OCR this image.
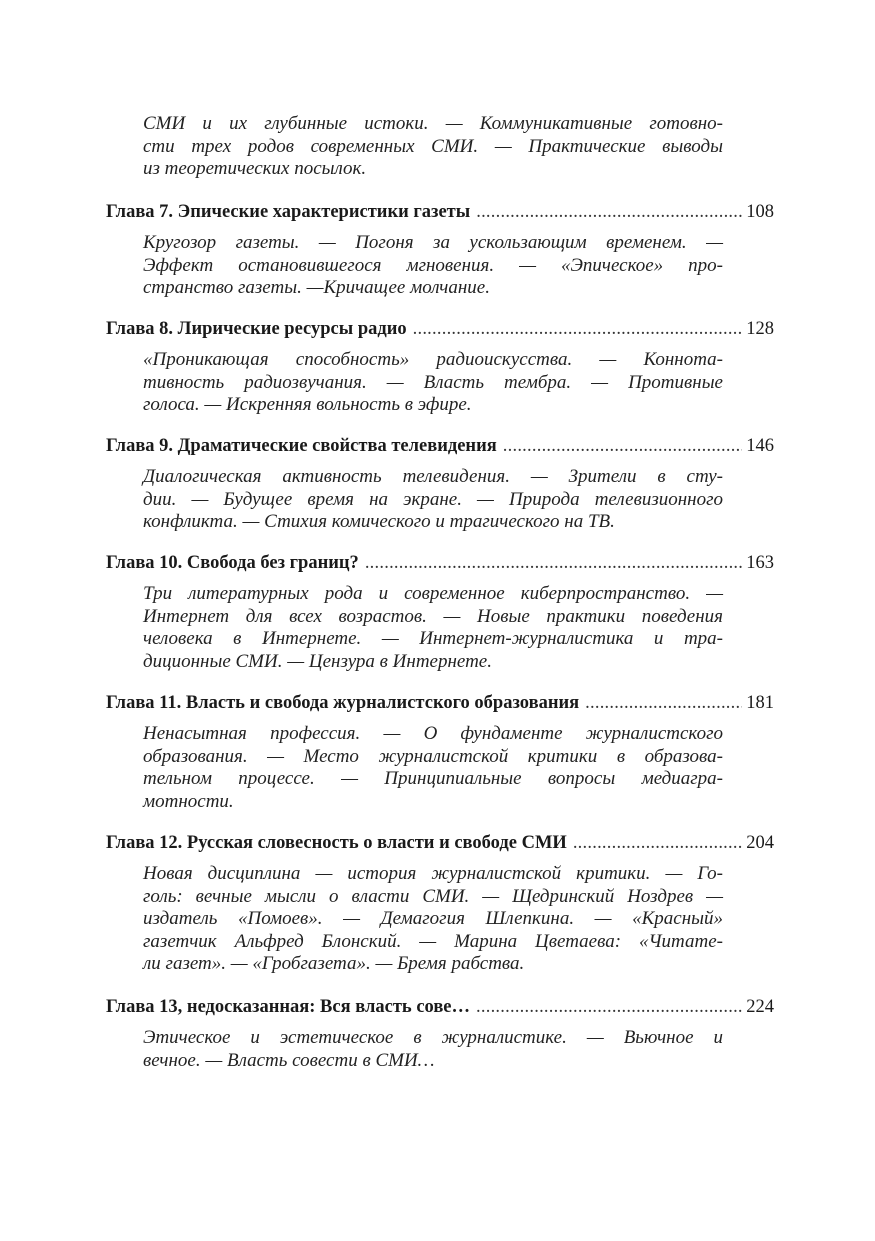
СМИ и их глубинные истоки. — Коммуникативные готовно-
сти трех родов современных СМИ. — Практические выводы
из теоретических посылок.
Глава 7. Эпические характеристики газеты . . .	108
Кругозор газеты. — Погоня за ускользающим временем. —
Эффект остановившегося мгновения. — «Эпическое» про-
странство газеты. —Кричащее молчание.
Глава 8. Лирические ресурсы радио . . .	128
«Проникающая способность» радиоискусства. — Коннота-
тивность радиозвучания. — Власть тембра. — Противные
голоса. — Искренняя вольность в эфире.
Глава 9. Драматические свойства телевидения . . .	146
Диалогическая активность телевидения. — Зрители в сту-
дии. — Будущее время на экране. — Природа телевизионного
конфликта. — Стихия комического и трагического на ТВ.
Глава 10. Свобода без границ? . . .	163
Три литературных рода и современное киберпространство. —
Интернет для всех возрастов. — Новые практики поведения
человека в Интернете. — Интернет-журналистика и тра-
диционные СМИ. — Цензура в Интернете.
Глава 11. Власть и свобода журналистского образования . . .	181
Ненасытная профессия. — О фундаменте журналистского
образования. — Место журналистской критики в образова-
тельном процессе. — Принципиальные вопросы медиагра-
мотности.
Глава 12. Русская словесность о власти и свободе СМИ . . .	204
Новая дисциплина — история журналистской критики. — Го-
голь: вечные мысли о власти СМИ. — Щедринский Ноздрев —
издатель «Помоев». — Демагогия Шлепкина. — «Красный»
газетчик Альфред Блонский. — Марина Цветаева: «Читате-
ли газет». — «Гробгазета». — Бремя рабства.
Глава 13, недосказанная: Вся власть сове… . . .	224
Этическое и эстетическое в журналистике. — Вьючное и
вечное. — Власть совести в СМИ…
